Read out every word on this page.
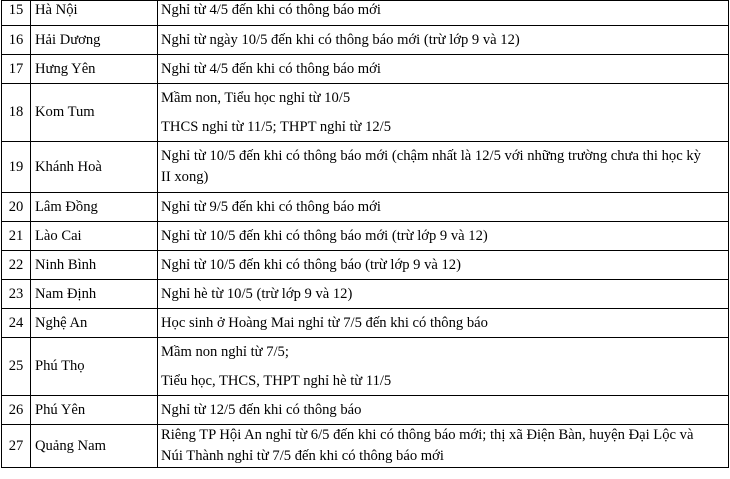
15	Hà Nội	Nghỉ từ 4/5 đến khi có thông báo mới

16	Hải Dương	Nghỉ từ ngày 10/5 đến khi có thông báo mới (trừ lớp 9 và 12)

17	Hưng Yên	Nghỉ từ 4/5 đến khi có thông báo mới

18	Kom Tum	Mầm non, Tiểu học nghỉ từ 10/5
THCS nghỉ từ 11/5; THPT nghỉ từ 12/5

19	Khánh Hoà	Nghỉ từ 10/5 đến khi có thông báo mới (chậm nhất là 12/5 với những trường chưa thi học kỳ
II xong)

20	Lâm Đồng	Nghỉ từ 9/5 đến khi có thông báo mới

21	Lào Cai	Nghỉ từ 10/5 đến khi có thông báo mới (trừ lớp 9 và 12)

22	Ninh Bình	Nghỉ từ 10/5 đến khi có thông báo (trừ lớp 9 và 12)

23	Nam Định	Nghỉ hè từ 10/5 (trừ lớp 9 và 12)

24	Nghệ An	Học sinh ở Hoàng Mai nghỉ từ 7/5 đến khi có thông báo

25	Phú Thọ	Mầm non nghỉ từ 7/5;
Tiểu học, THCS, THPT nghỉ hè từ 11/5

26	Phú Yên	Nghỉ từ 12/5 đến khi có thông báo

27	Quảng Nam	Riêng TP Hội An nghỉ từ 6/5 đến khi có thông báo mới; thị xã Điện Bàn, huyện Đại Lộc và
Núi Thành nghỉ từ 7/5 đến khi có thông báo mới
